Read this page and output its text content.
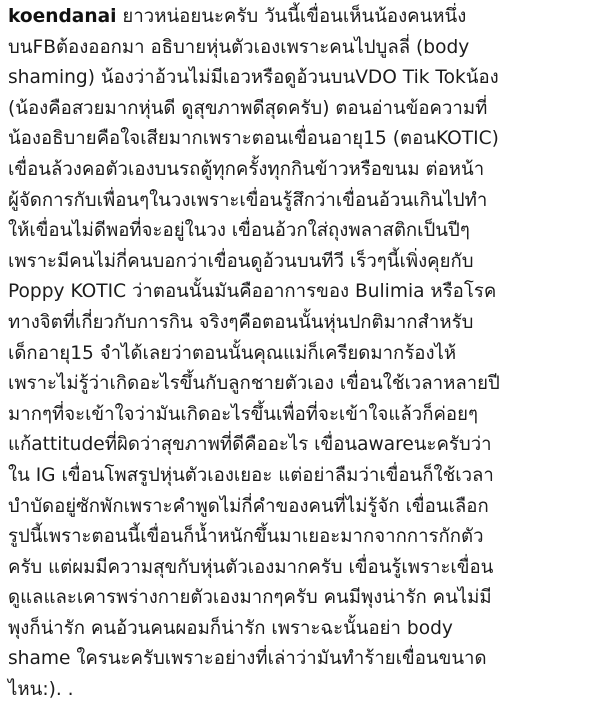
koendanai ยาวหน่อยนะครับ วันนี้เขื่อนเห็นน้องคนหนึ่ง
บนFBต้องออกมา อธิบายหุ่นตัวเองเพราะคนไปบูลลี่ (body
shaming) น้องว่าอ้วนไม่มีเอวหรือดูอ้วนบนVDO Tik Tokน้อง
(น้องคือสวยมากหุ่นดี ดูสุขภาพดีสุดครับ) ตอนอ่านข้อความที่
น้องอธิบายคือใจเสียมากเพราะตอนเขื่อนอายุ15 (ตอนKOTIC)
เขื่อนล้วงคอตัวเองบนรถตู้ทุกครั้งทุกกินข้าวหรือขนม ต่อหน้า
ผู้จัดการกับเพื่อนๆในวงเพราะเขื่อนรู้สึกว่าเขื่อนอ้วนเกินไปทำ
ให้เขื่อนไม่ดีพอที่จะอยู่ในวง เขื่อนอ้วกใส่ถุงพลาสติกเป็นปีๆ
เพราะมีคนไม่กี่คนบอกว่าเขื่อนดูอ้วนบนทีวี เร็วๆนี้เพิ่งคุยกับ
Poppy KOTIC ว่าตอนนั้นมันคืออาการของ Bulimia หรือโรค
ทางจิตที่เกี่ยวกับการกิน จริงๆคือตอนนั้นหุ่นปกติมากสำหรับ
เด็กอายุ15 จำได้เลยว่าตอนนั้นคุณแม่ก็เครียดมากร้องไห้
เพราะไม่รู้ว่าเกิดอะไรขึ้นกับลูกชายตัวเอง เขื่อนใช้เวลาหลายปี
มากๆที่จะเข้าใจว่ามันเกิดอะไรขึ้นเพื่อที่จะเข้าใจแล้วก็ค่อยๆ
แก้attitudeที่ผิดว่าสุขภาพที่ดีคืออะไร เขื่อนawareนะครับว่า
ใน IG เขื่อนโพสรูปหุ่นตัวเองเยอะ แต่อย่าลืมว่าเขื่อนก็ใช้เวลา
บำบัดอยู่ซักพักเพราะคำพูดไม่กี่คำของคนที่ไม่รู้จัก เขื่อนเลือก
รูปนี้เพราะตอนนี้เขื่อนก็น้ำหนักขึ้นมาเยอะมากจากการกักตัว
ครับ แต่ผมมีความสุขกับหุ่นตัวเองมากครับ เขื่อนรู้เพราะเขื่อน
ดูแลและเคารพร่างกายตัวเองมากๆครับ คนมีพุงน่ารัก คนไม่มี
พุงก็น่ารัก คนอ้วนคนผอมก็น่ารัก เพราะฉะนั้นอย่า body
shame ใครนะครับเพราะอย่างที่เล่าว่ามันทำร้ายเขื่อนขนาด
ไหน:). .
